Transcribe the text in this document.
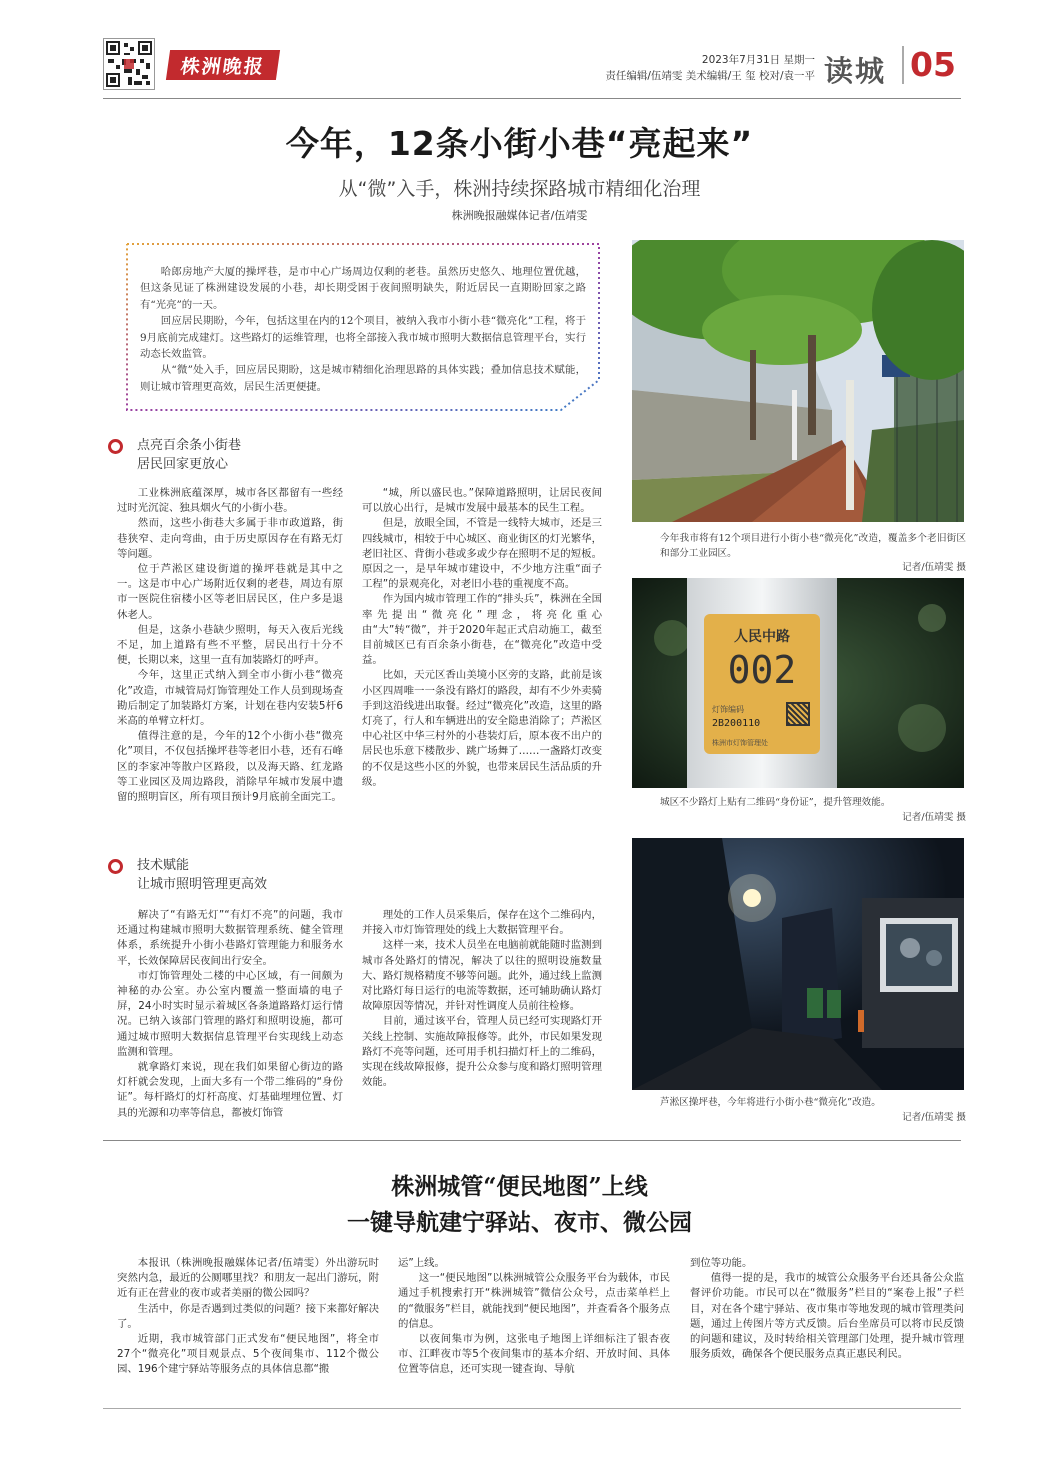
株洲晚报	2023年7月31日 星期一
责任编辑/伍靖雯 美术编辑/王 玺 校对/袁一平 读城 05
今年，12条小街小巷“亮起来”
从“微”入手，株洲持续探路城市精细化治理
株洲晚报融媒体记者/伍靖雯

哈郎房地产大厦的操坪巷，是市中心广场周边仅剩的老巷。虽然历史悠久、地理位置优越，但这条见证了株洲建设发展的小巷，却长期受困于夜间照明缺失，附近居民一直期盼回家之路有“光亮”的一天。

回应居民期盼，今年，包括这里在内的12个项目，被纳入我市小街小巷“微亮化”工程，将于9月底前完成建灯。这些路灯的运维管理，也将全部接入我市城市照明大数据信息管理平台，实行动态长效监管。

从“微”处入手，回应居民期盼，这是城市精细化治理思路的具体实践；叠加信息技术赋能，则让城市管理更高效，居民生活更便捷。

点亮百余条小街巷
居民回家更放心

工业株洲底蕴深厚，城市各区都留有一些经过时光沉淀、独具烟火气的小街小巷。

然而，这些小街巷大多属于非市政道路，街巷狭窄、走向弯曲，由于历史原因存在有路无灯等问题。

位于芦淞区建设街道的操坪巷就是其中之一。这是市中心广场附近仅剩的老巷，周边有原市一医院住宿楼小区等老旧居民区，住户多是退休老人。

但是，这条小巷缺少照明，每天入夜后光线不足，加上道路有些不平整，居民出行十分不便，长期以来，这里一直有加装路灯的呼声。

今年，这里正式纳入到全市小街小巷“微亮化”改造，市城管局灯饰管理处工作人员到现场查勘后制定了加装路灯方案，计划在巷内安装5杆6米高的单臂立杆灯。

值得注意的是，今年的12个小街小巷“微亮化”项目，不仅包括操坪巷等老旧小巷，还有石峰区的李家冲等散户区路段，以及海天路、红龙路等工业园区及周边路段，消除早年城市发展中遗留的照明盲区，所有项目预计9月底前全面完工。

“城，所以盛民也。”保障道路照明，让居民夜间可以放心出行，是城市发展中最基本的民生工程。

但是，放眼全国，不管是一线特大城市，还是三四线城市，相较于中心城区、商业街区的灯光繁华，老旧社区、背街小巷或多或少存在照明不足的短板。原因之一，是早年城市建设中，不少地方注重“面子工程”的景观亮化，对老旧小巷的重视度不高。

作为国内城市管理工作的“排头兵”，株洲在全国率先提出“微亮化”理念，将亮化重心由“大”转“微”，并于2020年起正式启动施工，截至目前城区已有百余条小街巷，在“微亮化”改造中受益。

比如，天元区香山美境小区旁的支路，此前是该小区四周唯一一条没有路灯的路段，却有不少外卖骑手到这沿线进出取餐。经过“微亮化”改造，这里的路灯亮了，行人和车辆进出的安全隐患消除了；芦淞区中心社区中华三村外的小巷装灯后，原本夜不出户的居民也乐意下楼散步、跳广场舞了……一盏路灯改变的不仅是这些小区的外貌，也带来居民生活品质的升级。

技术赋能
让城市照明管理更高效

解决了“有路无灯”“有灯不亮”的问题，我市还通过构建城市照明大数据管理系统、健全管理体系，系统提升小街小巷路灯管理能力和服务水平，长效保障居民夜间出行安全。

市灯饰管理处二楼的中心区域，有一间颇为神秘的办公室。办公室内覆盖一整面墙的电子屏，24小时实时显示着城区各条道路路灯运行情况。已纳入该部门管理的路灯和照明设施，都可通过城市照明大数据信息管理平台实现线上动态监测和管理。

就拿路灯来说，现在我们如果留心街边的路灯杆就会发现，上面大多有一个带二维码的“身份证”。每杆路灯的灯杆高度、灯基础埋埋位置、灯具的光源和功率等信息，都被灯饰管

理处的工作人员采集后，保存在这个二维码内，并接入市灯饰管理处的线上大数据管理平台。

这样一来，技术人员坐在电脑前就能随时监测到城市各处路灯的情况，解决了以往的照明设施数量大、路灯规格精度不够等问题。此外，通过线上监测对比路灯每日运行的电流等数据，还可辅助确认路灯故障原因等情况，并针对性调度人员前往检修。

目前，通过该平台，管理人员已经可实现路灯开关线上控制、实施故障报修等。此外，市民如果发现路灯不亮等问题，还可用手机扫描灯杆上的二维码，实现在线故障报修，提升公众参与度和路灯照明管理效能。

今年我市将有12个项目进行小街小巷“微亮化”改造，覆盖多个老旧街区和部分工业园区。
记者/伍靖雯 摄
人民中路
002
灯饰编码
2B200110
株洲市灯饰管理处
城区不少路灯上贴有二维码“身份证”，提升管理效能。
记者/伍靖雯 摄
芦淞区操坪巷，今年将进行小街小巷“微亮化”改造。
记者/伍靖雯 摄
株洲城管“便民地图”上线
一键导航建宁驿站、夜市、微公园

本报讯（株洲晚报融媒体记者/伍靖雯）外出游玩时突然内急，最近的公厕哪里找？和朋友一起出门游玩，附近有正在营业的夜市或者美丽的微公园吗？

生活中，你是否遇到过类似的问题？接下来都好解决了。

近期，我市城管部门正式发布“便民地图”，将全市27个“微亮化”项目观景点、5个夜间集市、112个微公园、196个建宁驿站等服务点的具体信息都“搬

运”上线。

这一“便民地图”以株洲城管公众服务平台为载体，市民通过手机搜索打开“株洲城管”微信公众号，点击菜单栏上的“微服务”栏目，就能找到“便民地图”，并查看各个服务点的信息。

以夜间集市为例，这张电子地图上详细标注了银杏夜市、江畔夜市等5个夜间集市的基本介绍、开放时间、具体位置等信息，还可实现一键查询、导航

到位等功能。

值得一提的是，我市的城管公众服务平台还具备公众监督评价功能。市民可以在“微服务”栏目的“案卷上报”子栏目，对在各个建宁驿站、夜市集市等地发现的城市管理类问题，通过上传图片等方式反馈。后台坐席员可以将市民反馈的问题和建议，及时转给相关管理部门处理，提升城市管理服务质效，确保各个便民服务点真正惠民利民。
